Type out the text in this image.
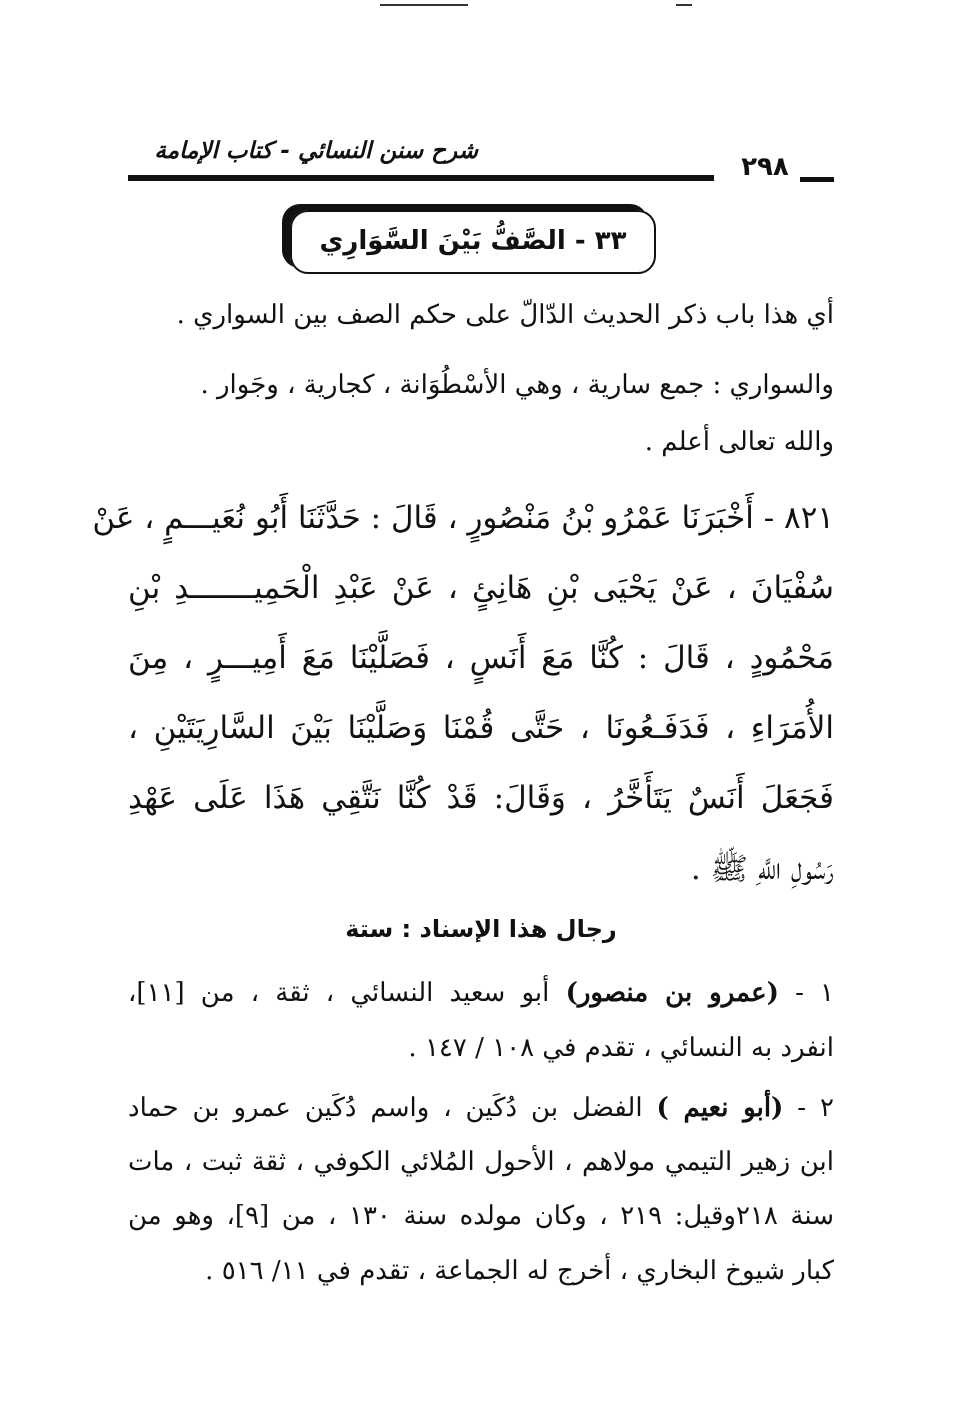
شرح سنن النسائي - كتاب الإمامة
٢٩٨
٣٣ - الصَّفُّ بَيْنَ السَّوَارِي
أي هذا باب ذكر الحديث الدّالّ على حكم الصف بين السواري .
والسواري : جمع سارية ، وهي الأسْطُوَانة ، كجارية ، وجَوار .
والله تعالى أعلم .
٨٢١ - أَخْبَرَنَا عَمْرُو بْنُ مَنْصُورٍ ، قَالَ : حَدَّثَنَا أَبُو نُعَيـــمٍ ، عَنْ
سُفْيَانَ ، عَنْ يَحْيَى بْنِ هَانِئٍ ، عَنْ عَبْدِ الْحَمِيـــــــدِ بْنِ
مَحْمُودٍ ، قَالَ : كُنَّا مَعَ أَنَسٍ ، فَصَلَّيْنَا مَعَ أَمِيـــرٍ ، مِنَ
الأُمَرَاءِ ، فَدَفَـعُونَا ، حَتَّى قُمْنَا وَصَلَّيْنَا بَيْنَ السَّارِيَتَيْنِ ،
فَجَعَلَ أَنَسٌ يَتَأَخَّرُ ، وَقَالَ: قَدْ كُنَّا نَتَّقِي هَذَا عَلَى عَهْدِ
رَسُولِ اللَّهِ ﷺ .
رجال هذا الإسناد : ستة
١ - (عمرو بن منصور) أبو سعيد النسائي ، ثقة ، من [١١]،
انفرد به النسائي ، تقدم في ١٠٨ / ١٤٧ .
٢ - (أبو نعيم ) الفضل بن دُكَين ، واسم دُكَين عمرو بن حماد
ابن زهير التيمي مولاهم ، الأحول المُلائي الكوفي ، ثقة ثبت ، مات
سنة ٢١٨وقيل: ٢١٩ ، وكان مولده سنة ١٣٠ ، من [٩]، وهو من
كبار شيوخ البخاري ، أخرج له الجماعة ، تقدم في ١١/ ٥١٦ .
